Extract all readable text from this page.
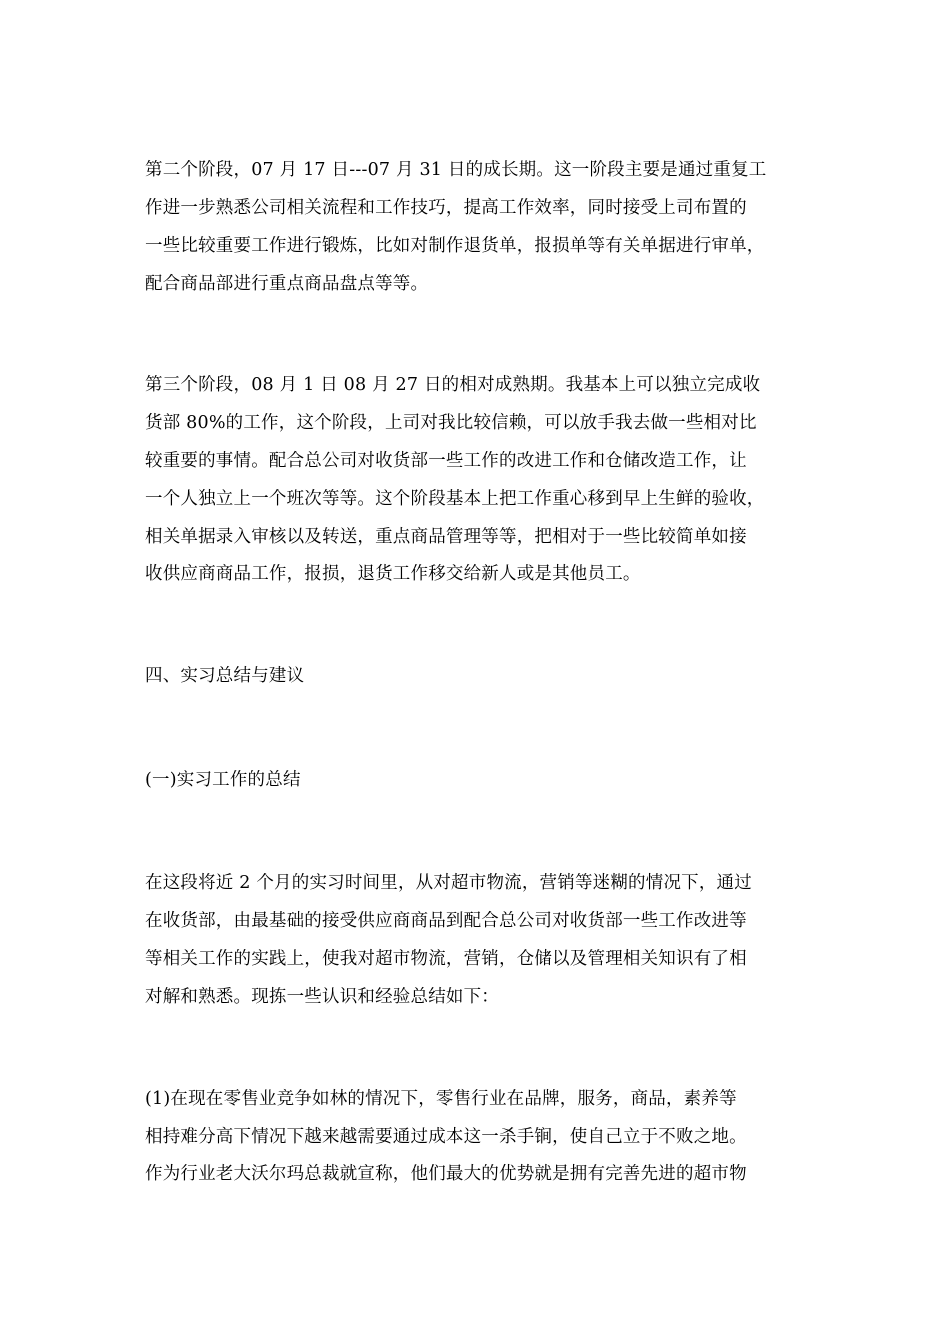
第二个阶段，07 月 17 日---07 月 31 日的成长期。这一阶段主要是通过重复工
作进一步熟悉公司相关流程和工作技巧，提高工作效率，同时接受上司布置的
一些比较重要工作进行锻炼，比如对制作退货单，报损单等有关单据进行审单，
配合商品部进行重点商品盘点等等。
第三个阶段，08 月 1 日 08 月 27 日的相对成熟期。我基本上可以独立完成收
货部 80%的工作，这个阶段，上司对我比较信赖，可以放手我去做一些相对比
较重要的事情。配合总公司对收货部一些工作的改进工作和仓储改造工作，让
一个人独立上一个班次等等。这个阶段基本上把工作重心移到早上生鲜的验收，
相关单据录入审核以及转送，重点商品管理等等，把相对于一些比较简单如接
收供应商商品工作，报损，退货工作移交给新人或是其他员工。
四、实习总结与建议
(一)实习工作的总结
在这段将近 2 个月的实习时间里，从对超市物流，营销等迷糊的情况下，通过
在收货部，由最基础的接受供应商商品到配合总公司对收货部一些工作改进等
等相关工作的实践上，使我对超市物流，营销，仓储以及管理相关知识有了相
对解和熟悉。现拣一些认识和经验总结如下：
(1)在现在零售业竞争如林的情况下，零售行业在品牌，服务，商品，素养等
相持难分高下情况下越来越需要通过成本这一杀手锏，使自己立于不败之地。
作为行业老大沃尔玛总裁就宣称，他们最大的优势就是拥有完善先进的超市物
